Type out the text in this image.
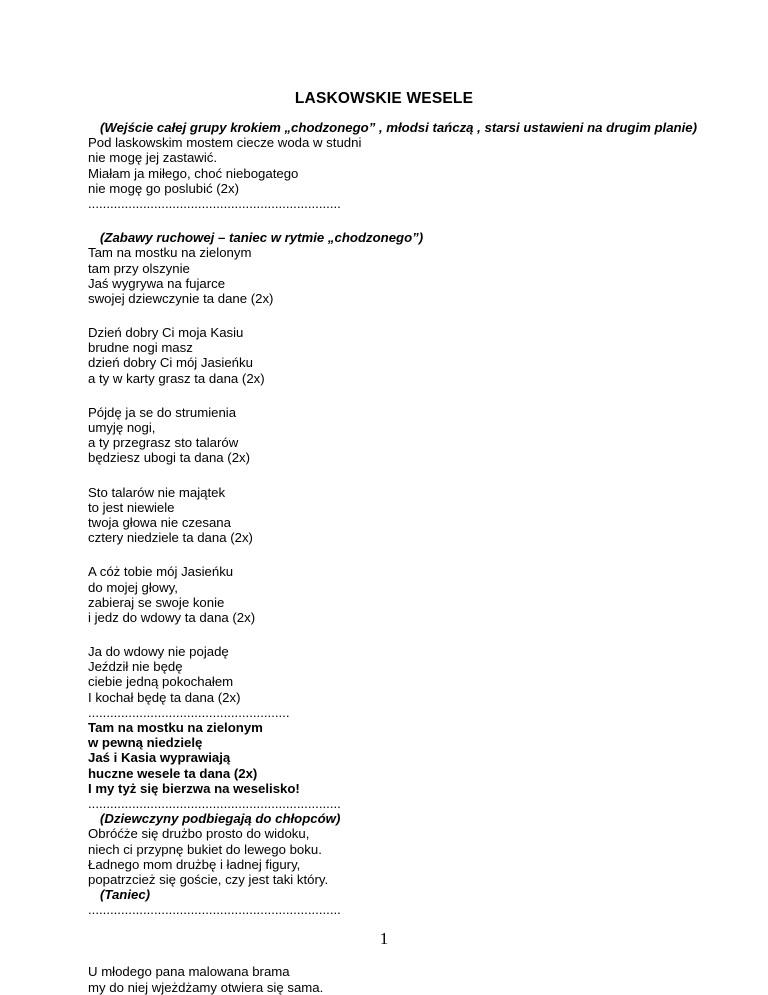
LASKOWSKIE WESELE
(Wejście całej grupy krokiem „chodzonego” , młodsi tańczą , starsi ustawieni na drugim planie)
Pod laskowskim mostem ciecze woda w studni
nie mogę jej zastawić.
Miałam ja miłego, choć niebogatego
nie mogę go poslubić (2x)
.....................................................................
(Zabawy ruchowej – taniec w rytmie „chodzonego”)
Tam na mostku na zielonym
tam przy olszynie
Jaś wygrywa na fujarce
swojej dziewczynie ta dane (2x)
Dzień dobry Ci moja Kasiu
brudne nogi masz
dzień dobry Ci mój Jasieńku
a ty w karty grasz ta dana (2x)
Pójdę ja se do strumienia
umyję nogi,
a ty przegrasz sto talarów
będziesz ubogi ta dana (2x)
Sto talarów nie majątek
to jest niewiele
twoja głowa nie czesana
cztery niedziele ta dana (2x)
A cóż tobie mój Jasieńku
do mojej głowy,
zabieraj se swoje konie
i jedz do wdowy ta dana (2x)
Ja do wdowy nie pojadę
Jeździł nie będę
ciebie jedną pokochałem
I kochał będę ta dana (2x)
.......................................................
Tam na mostku na zielonym
w pewną niedzielę
Jaś i Kasia wyprawiają
huczne wesele ta dana (2x)
I my tyż się bierzwa na weselisko!
.....................................................................
(Dziewczyny podbiegają do chłopców)
Obróćże się drużbo prosto do widoku,
niech ci przypnę bukiet do lewego boku.
Ładnego mom drużbę i ładnej figury,
popatrzcież się goście, czy jest taki który.
(Taniec)
.....................................................................
U młodego pana malowana brama
my do niej wjeżdżamy otwiera się sama.
1
